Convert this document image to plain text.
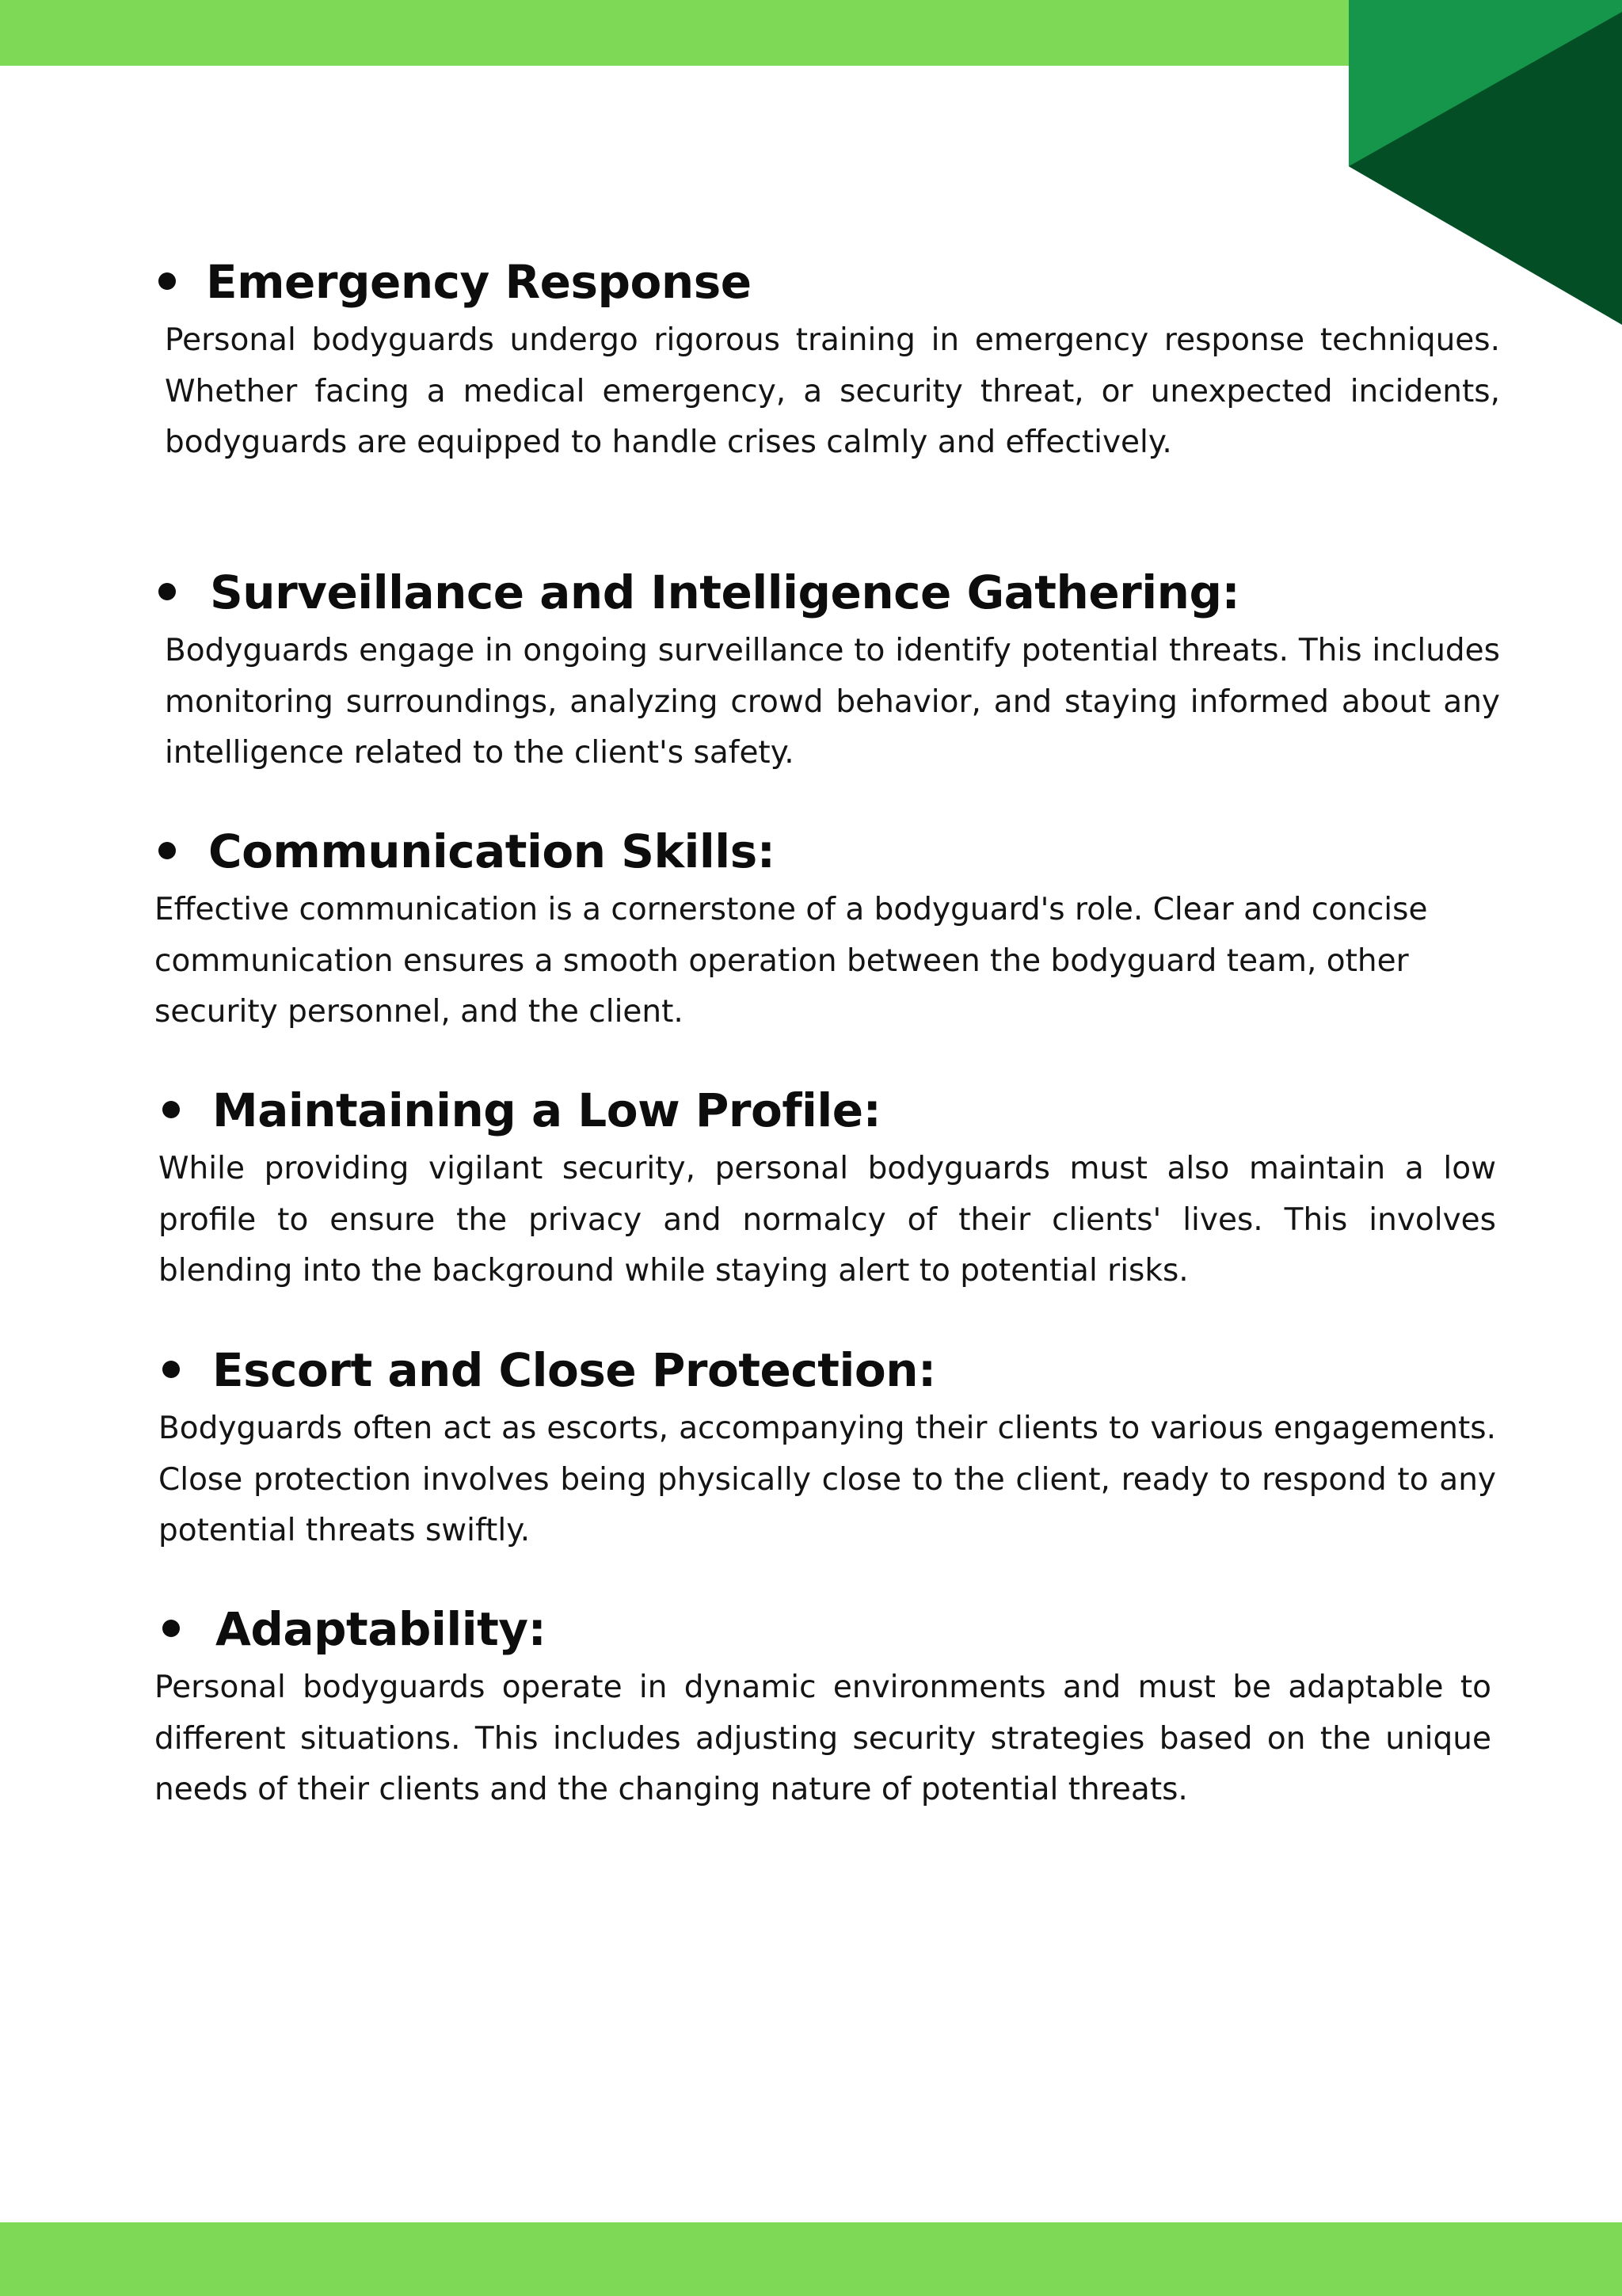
Emergency Response

Personal bodyguards undergo rigorous training in emergency response techniques. Whether facing a medical emergency, a security threat, or unexpected incidents, bodyguards are equipped to handle crises calmly and effectively.

Surveillance and Intelligence Gathering:

Bodyguards engage in ongoing surveillance to identify potential threats. This includes monitoring surroundings, analyzing crowd behavior, and staying informed about any intelligence related to the client's safety.

Communication Skills:

Effective communication is a cornerstone of a bodyguard's role. Clear and concise communication ensures a smooth operation between the bodyguard team, other security personnel, and the client.

Maintaining a Low Profile:

While providing vigilant security, personal bodyguards must also maintain a low profile to ensure the privacy and normalcy of their clients' lives. This involves blending into the background while staying alert to potential risks.

Escort and Close Protection:

Bodyguards often act as escorts, accompanying their clients to various engagements. Close protection involves being physically close to the client, ready to respond to any potential threats swiftly.

Adaptability:

Personal bodyguards operate in dynamic environments and must be adaptable to different situations. This includes adjusting security strategies based on the unique needs of their clients and the changing nature of potential threats.
